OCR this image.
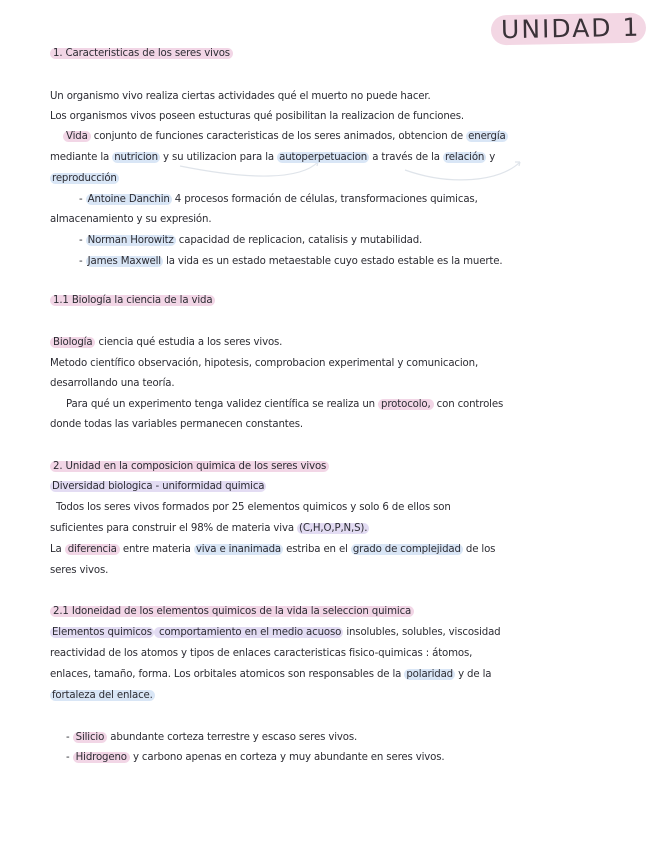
UNIDAD 1
1. Caracteristicas de los seres vivos
Un organismo vivo realiza ciertas actividades qué el muerto no puede hacer.
Los organismos vivos poseen estucturas qué posibilitan la realizacion de funciones.
Vida conjunto de funciones caracteristicas de los seres animados, obtencion de energía
mediante la nutricion y su utilizacion para la autoperpetuacion a través de la relación y
reproducción
- Antoine Danchin 4 procesos formación de células, transformaciones quimicas,
almacenamiento y su expresión.
- Norman Horowitz capacidad de replicacion, catalisis y mutabilidad.
- James Maxwell la vida es un estado metaestable cuyo estado estable es la muerte.
1.1 Biología la ciencia de la vida
Biología ciencia qué estudia a los seres vivos.
Metodo científico observación, hipotesis, comprobacion experimental y comunicacion,
desarrollando una teoría.
Para qué un experimento tenga validez científica se realiza un protocolo, con controles
donde todas las variables permanecen constantes.
2. Unidad en la composicion quimica de los seres vivos
Diversidad biologica - uniformidad quimica
Todos los seres vivos formados por 25 elementos quimicos y solo 6 de ellos son
suficientes para construir el 98% de materia viva (C,H,O,P,N,S).
La diferencia entre materia viva e inanimada estriba en el grado de complejidad de los
seres vivos.
2.1 Idoneidad de los elementos quimicos de la vida la seleccion quimica
Elementos quimicos comportamiento en el medio acuoso insolubles, solubles, viscosidad
reactividad de los atomos y tipos de enlaces caracteristicas fisico-quimicas : átomos,
enlaces, tamaño, forma. Los orbitales atomicos son responsables de la polaridad y de la
fortaleza del enlace.
- Silicio abundante corteza terrestre y escaso seres vivos.
- Hidrogeno y carbono apenas en corteza y muy abundante en seres vivos.
